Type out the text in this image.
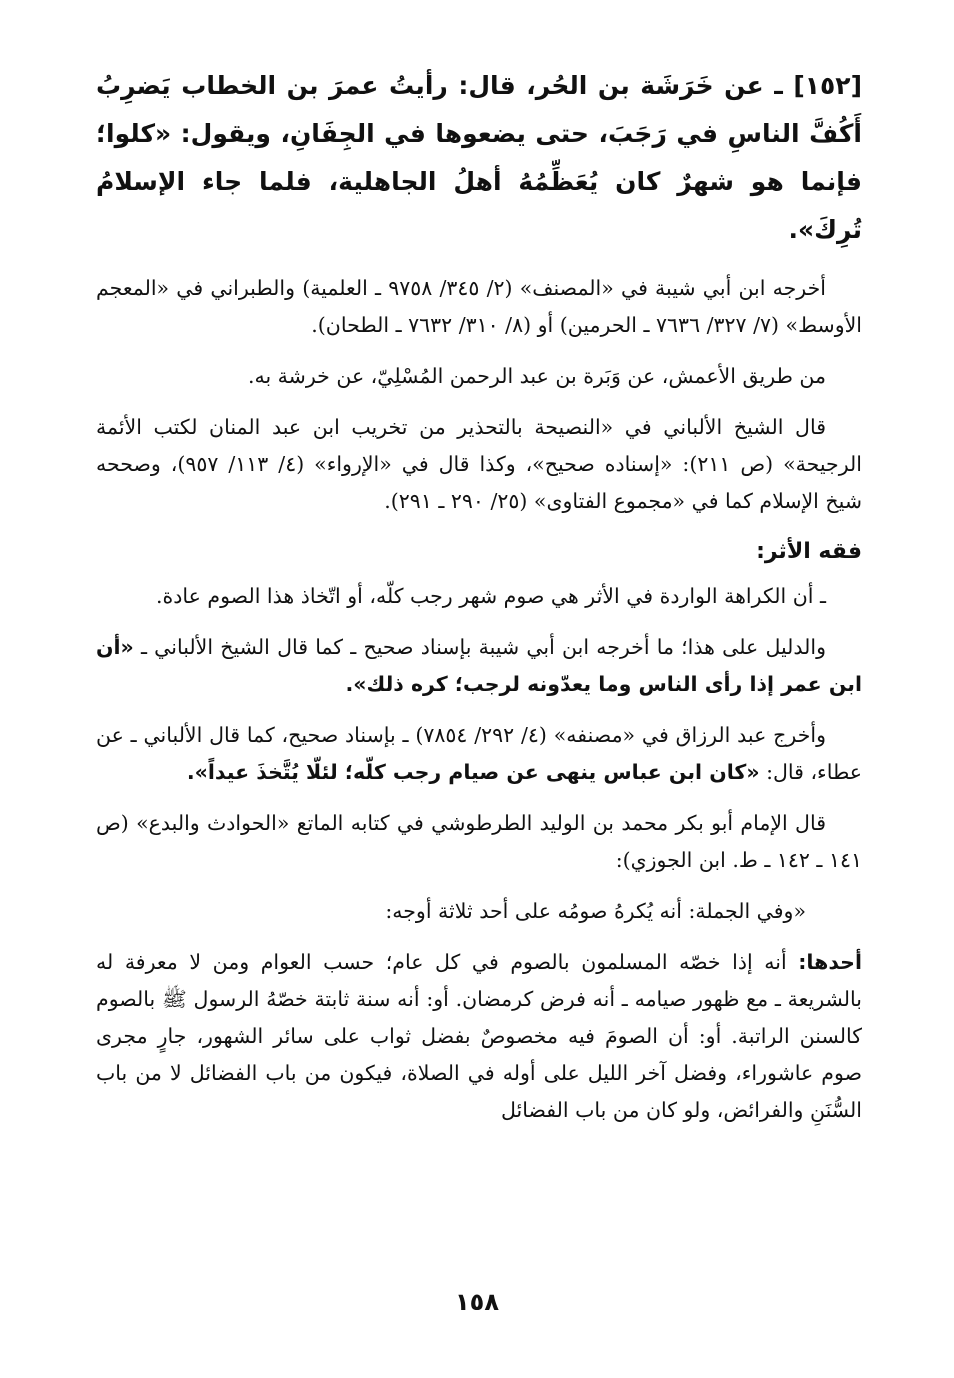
[١٥٢] ـ عن خَرَشَة بن الحُر، قال: رأيتُ عمرَ بن الخطاب يَضرِبُ أَكُفَّ الناسِ في رَجَبَ، حتى يضعوها في الجِفَانِ، ويقول: «كلوا؛ فإنما هو شهرٌ كان يُعَظِّمُهُ أهلُ الجاهلية، فلما جاء الإسلامُ تُرِكَ».

أخرجه ابن أبي شيبة في «المصنف» (٢/ ٣٤٥/ ٩٧٥٨ ـ العلمية) والطبراني في «المعجم الأوسط» (٧/ ٣٢٧/ ٧٦٣٦ ـ الحرمين) أو (٨/ ٣١٠/ ٧٦٣٢ ـ الطحان).

من طريق الأعمش، عن وَبَرة بن عبد الرحمن المُسْلِيّ، عن خرشة به.

قال الشيخ الألباني في «النصيحة بالتحذير من تخريب ابن عبد المنان لكتب الأئمة الرجيحة» (ص ٢١١): «إسناده صحيح»، وكذا قال في «الإرواء» (٤/ ١١٣/ ٩٥٧)، وصححه شيخ الإسلام كما في «مجموع الفتاوى» (٢٥/ ٢٩٠ ـ ٢٩١).

فقه الأثر:

ـ أن الكراهة الواردة في الأثر هي صوم شهر رجب كلّه، أو اتّخاذ هذا الصوم عادة.

والدليل على هذا؛ ما أخرجه ابن أبي شيبة بإسناد صحيح ـ كما قال الشيخ الألباني ـ «أن ابن عمر إذا رأى الناس وما يعدّونه لرجب؛ كره ذلك».

وأخرج عبد الرزاق في «مصنفه» (٤/ ٢٩٢/ ٧٨٥٤) ـ بإسناد صحيح، كما قال الألباني ـ عن عطاء، قال: «كان ابن عباس ينهى عن صيام رجب كلّه؛ لئلّا يُتَّخذَ عيداً».

قال الإمام أبو بكر محمد بن الوليد الطرطوشي في كتابه الماتع «الحوادث والبدع» (ص ١٤١ ـ ١٤٢ ـ ط. ابن الجوزي):

«وفي الجملة: أنه يُكرهُ صومُه على أحد ثلاثة أوجه:

أحدها: أنه إذا خصّه المسلمون بالصوم في كل عام؛ حسب العوام ومن لا معرفة له بالشريعة ـ مع ظهور صيامه ـ أنه فرض كرمضان. أو: أنه سنة ثابتة خصّهُ الرسول ﷺ بالصوم كالسنن الراتبة. أو: أن الصومَ فيه مخصوصٌ بفضل ثواب على سائر الشهور، جارٍ مجرى صوم عاشوراء، وفضل آخر الليل على أوله في الصلاة، فيكون من باب الفضائل لا من باب السُّنَنِ والفرائض، ولو كان من باب الفضائل

١٥٨
